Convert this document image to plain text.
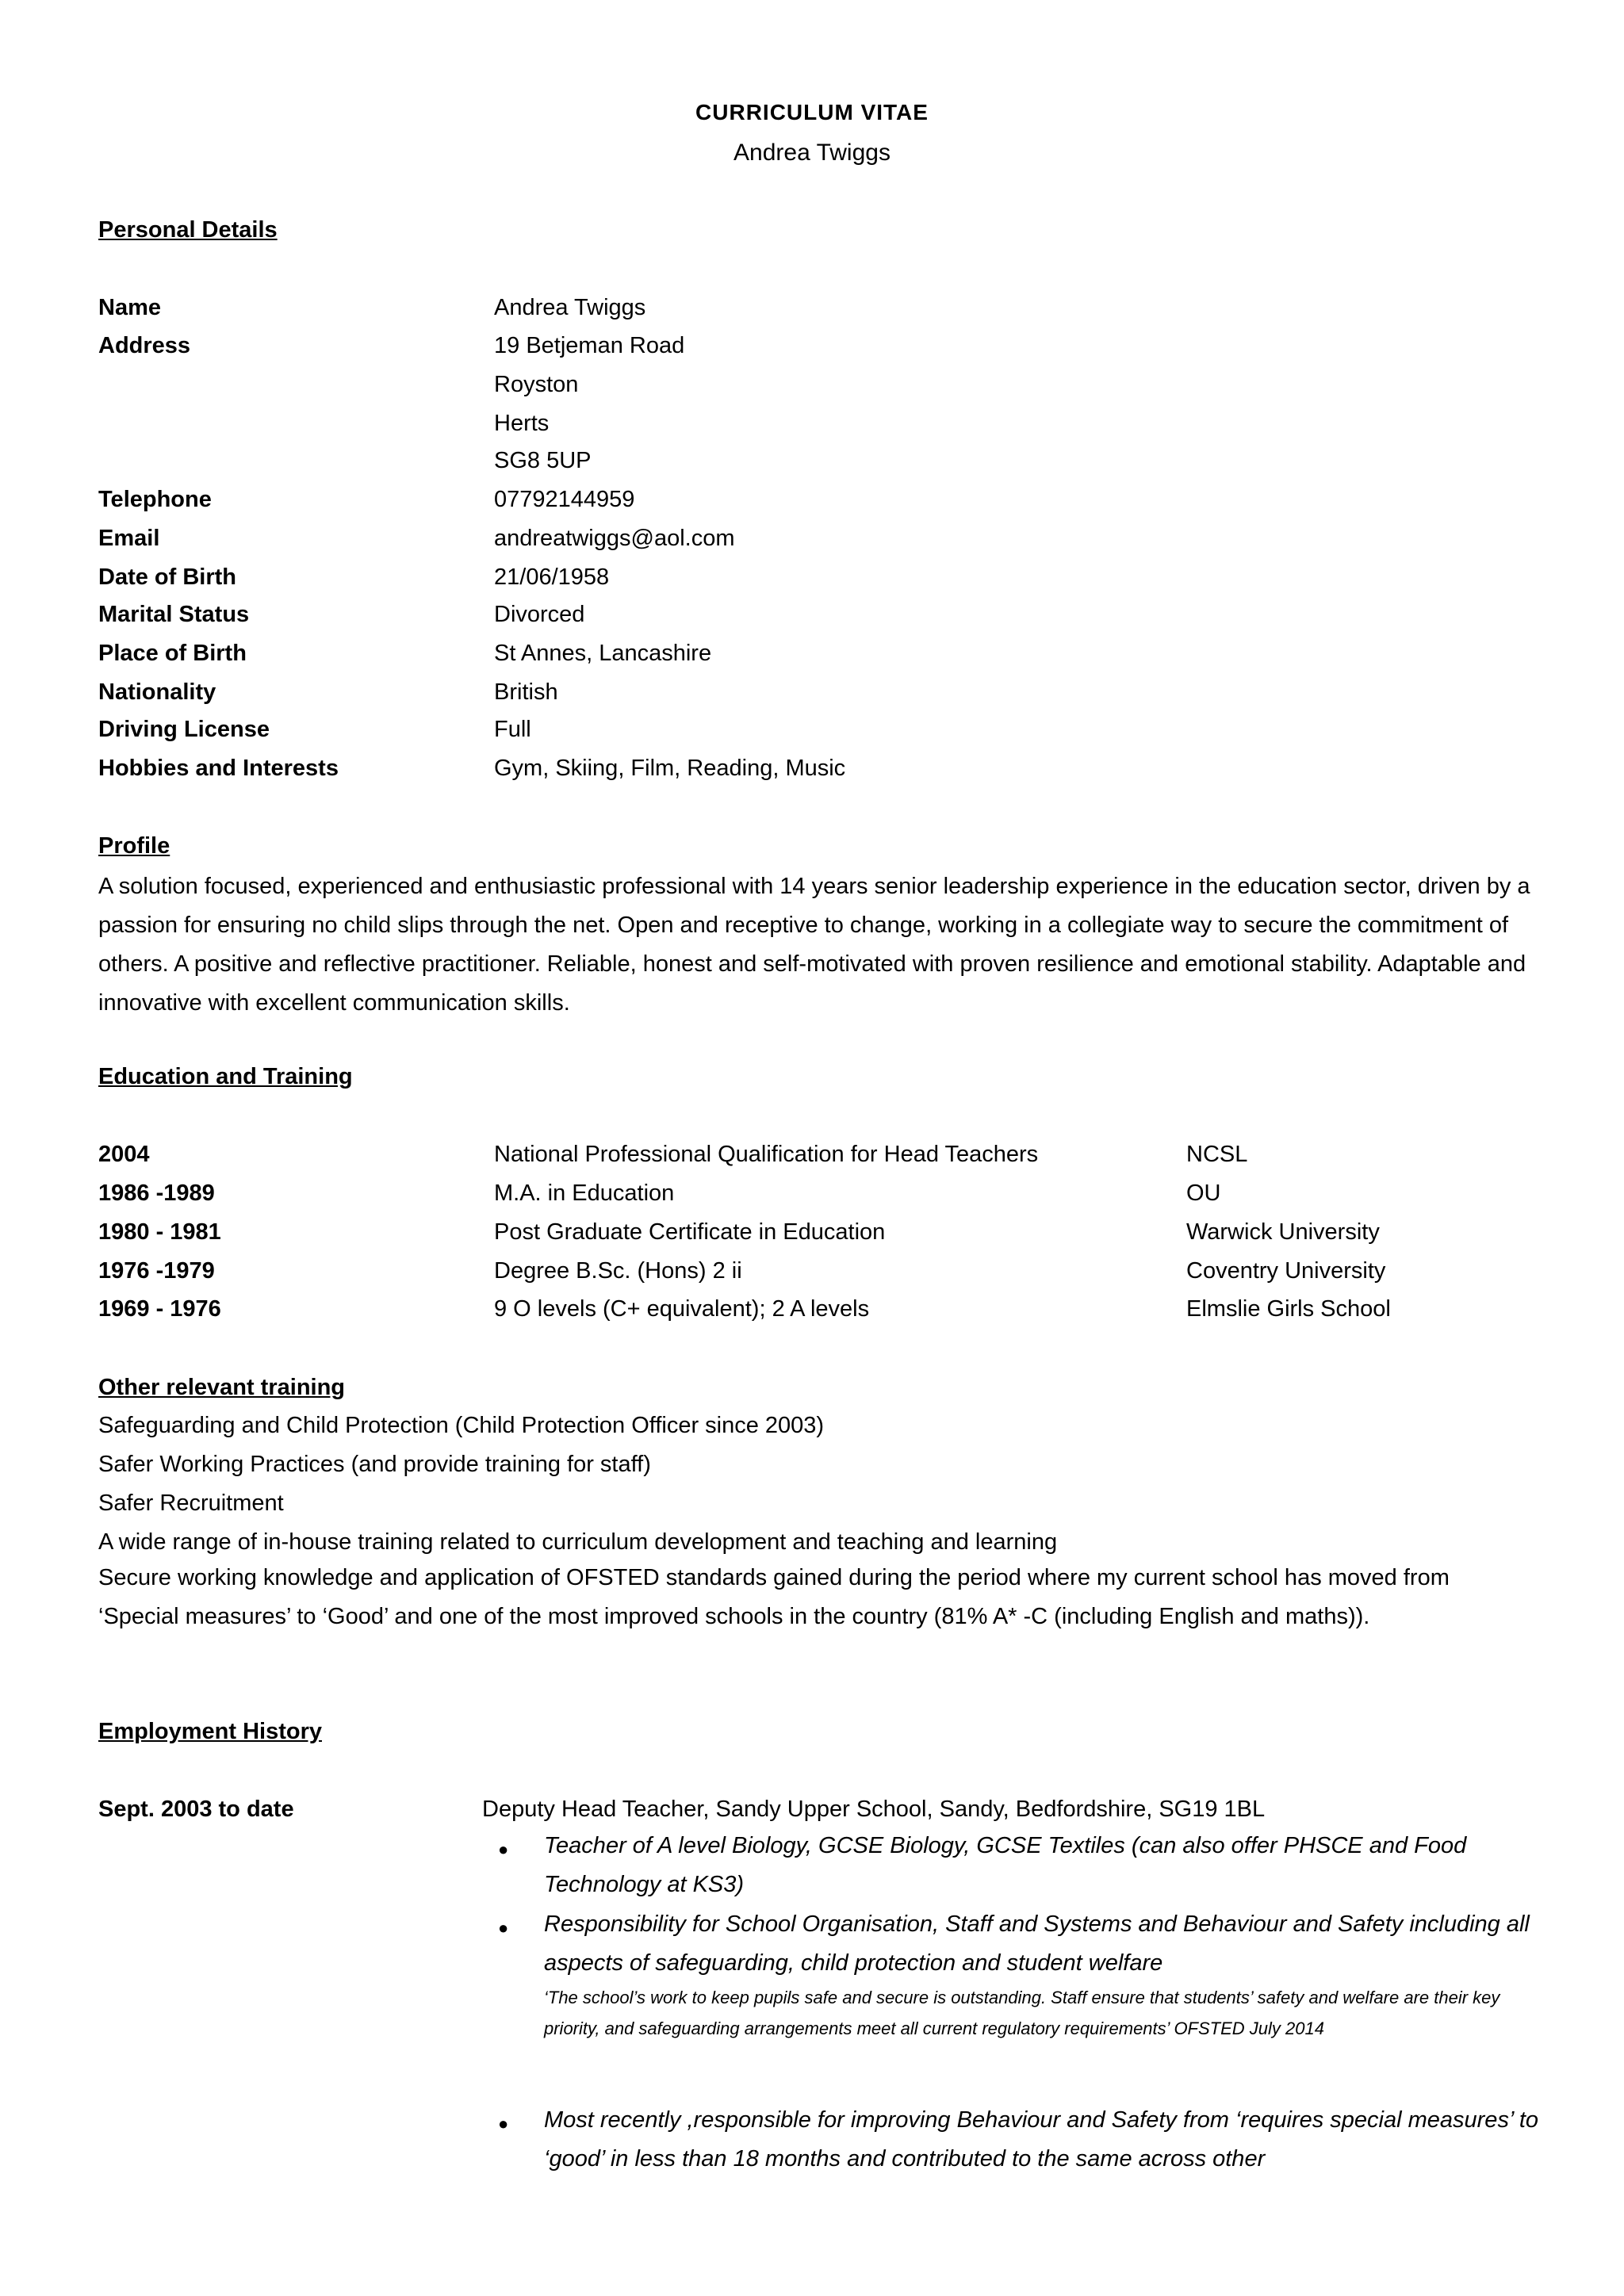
CURRICULUM VITAE
Andrea Twiggs
Personal Details
Name	Andrea Twiggs
Address	19 Betjeman Road
Royston
Herts
SG8 5UP
Telephone	07792144959
Email	andreatwiggs@aol.com
Date of Birth	21/06/1958
Marital Status	Divorced
Place of Birth	St Annes, Lancashire
Nationality	British
Driving License	Full
Hobbies and Interests	Gym, Skiing, Film, Reading, Music
Profile
A solution focused, experienced and enthusiastic professional with 14 years senior leadership experience in the education sector, driven by a passion for ensuring no child slips through the net. Open and receptive to change, working in a collegiate way to secure the commitment of others. A positive and reflective practitioner. Reliable, honest and self-motivated with proven resilience and emotional stability. Adaptable and innovative with excellent communication skills.
Education and Training
2004	National Professional Qualification for Head Teachers	NCSL
1986 -1989	M.A. in Education	OU
1980 - 1981	Post Graduate Certificate in Education	Warwick University
1976 -1979	Degree B.Sc. (Hons) 2 ii	Coventry University
1969 - 1976	9 O levels (C+ equivalent); 2 A levels	Elmslie Girls School
Other relevant training
Safeguarding and Child Protection (Child Protection Officer since 2003)
Safer Working Practices (and provide training for staff)
Safer Recruitment
A wide range of in-house training related to curriculum development and teaching and learning
Secure working knowledge and application of OFSTED standards gained during the period where my current school has moved from ‘Special measures’ to ‘Good’ and one of the most improved schools in the country (81% A* -C (including English and maths)).
Employment History
Sept. 2003 to date	Deputy Head Teacher, Sandy Upper School, Sandy, Bedfordshire, SG19 1BL
● Teacher of A level Biology, GCSE Biology, GCSE Textiles (can also offer PHSCE and Food Technology at KS3)
● Responsibility for School Organisation, Staff and Systems and Behaviour and Safety including all aspects of safeguarding, child protection and student welfare
‘The school’s work to keep pupils safe and secure is outstanding. Staff ensure that students’ safety and welfare are their key priority, and safeguarding arrangements meet all current regulatory requirements’ OFSTED July 2014
● Most recently ,responsible for improving Behaviour and Safety from ‘requires special measures’ to ‘good’ in less than 18 months and contributed to the same across other
